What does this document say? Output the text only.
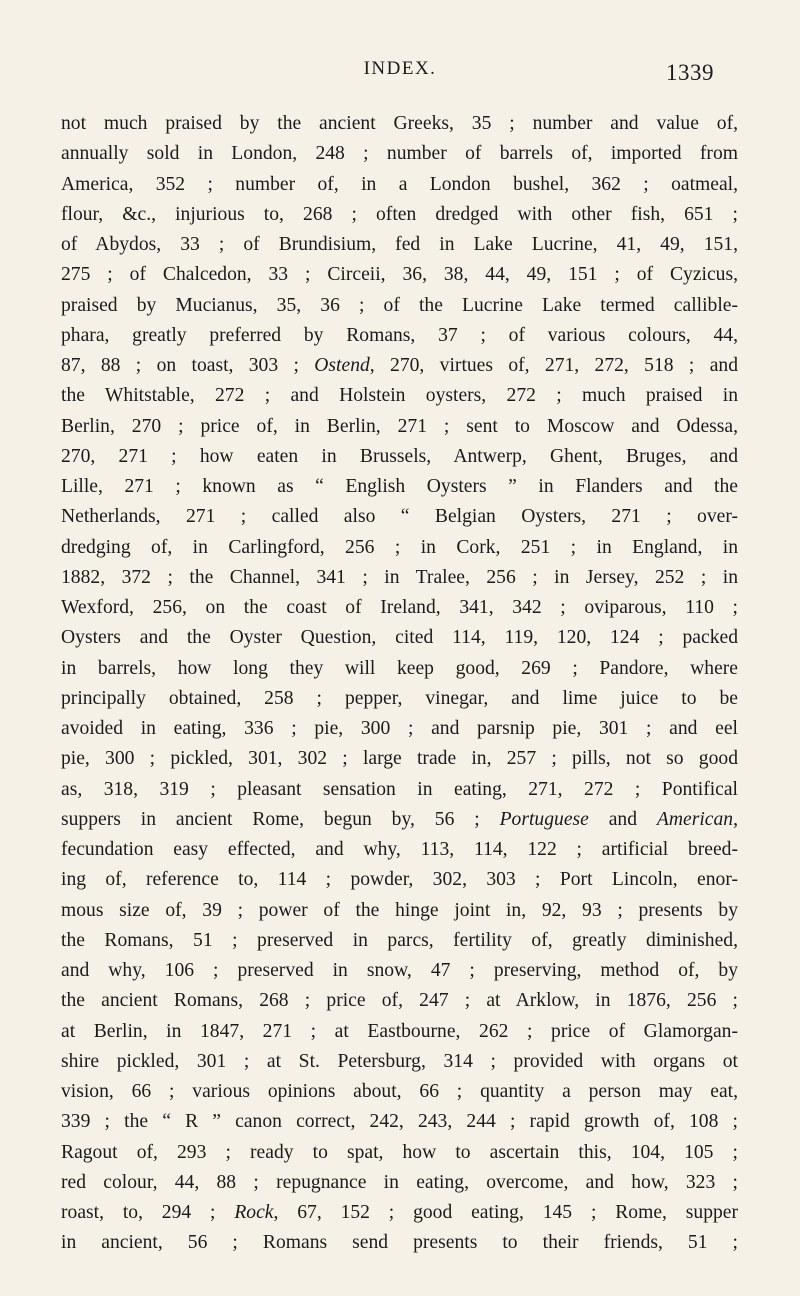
INDEX.	1339
not much praised by the ancient Greeks, 35 ; number and value of,
annually sold in London, 248 ; number of barrels of, imported from
America, 352 ; number of, in a London bushel, 362 ; oatmeal,
flour, &c., injurious to, 268 ; often dredged with other fish, 651 ;
of Abydos, 33 ; of Brundisium, fed in Lake Lucrine, 41, 49, 151,
275 ; of Chalcedon, 33 ; Circeii, 36, 38, 44, 49, 151 ; of Cyzicus,
praised by Mucianus, 35, 36 ; of the Lucrine Lake termed callible-
phara, greatly preferred by Romans, 37 ; of various colours, 44,
87, 88 ; on toast, 303 ; Ostend, 270, virtues of, 271, 272, 518 ; and
the Whitstable, 272 ; and Holstein oysters, 272 ; much praised in
Berlin, 270 ; price of, in Berlin, 271 ; sent to Moscow and Odessa,
270, 271 ; how eaten in Brussels, Antwerp, Ghent, Bruges, and
Lille, 271 ; known as “ English Oysters ” in Flanders and the
Netherlands, 271 ; called also “ Belgian Oysters, 271 ; over-
dredging of, in Carlingford, 256 ; in Cork, 251 ; in England, in
1882, 372 ; the Channel, 341 ; in Tralee, 256 ; in Jersey, 252 ; in
Wexford, 256, on the coast of Ireland, 341, 342 ; oviparous, 110 ;
Oysters and the Oyster Question, cited 114, 119, 120, 124 ; packed
in barrels, how long they will keep good, 269 ; Pandore, where
principally obtained, 258 ; pepper, vinegar, and lime juice to be
avoided in eating, 336 ; pie, 300 ; and parsnip pie, 301 ; and eel
pie, 300 ; pickled, 301, 302 ; large trade in, 257 ; pills, not so good
as, 318, 319 ; pleasant sensation in eating, 271, 272 ; Pontifical
suppers in ancient Rome, begun by, 56 ; Portuguese and American,
fecundation easy effected, and why, 113, 114, 122 ; artificial breed-
ing of, reference to, 114 ; powder, 302, 303 ; Port Lincoln, enor-
mous size of, 39 ; power of the hinge joint in, 92, 93 ; presents by
the Romans, 51 ; preserved in parcs, fertility of, greatly diminished,
and why, 106 ; preserved in snow, 47 ; preserving, method of, by
the ancient Romans, 268 ; price of, 247 ; at Arklow, in 1876, 256 ;
at Berlin, in 1847, 271 ; at Eastbourne, 262 ; price of Glamorgan-
shire pickled, 301 ; at St. Petersburg, 314 ; provided with organs ot
vision, 66 ; various opinions about, 66 ; quantity a person may eat,
339 ; the “ R ” canon correct, 242, 243, 244 ; rapid growth of, 108 ;
Ragout of, 293 ; ready to spat, how to ascertain this, 104, 105 ;
red colour, 44, 88 ; repugnance in eating, overcome, and how, 323 ;
roast, to, 294 ; Rock, 67, 152 ; good eating, 145 ; Rome, supper
in ancient, 56 ; Romans send presents to their friends, 51 ;
